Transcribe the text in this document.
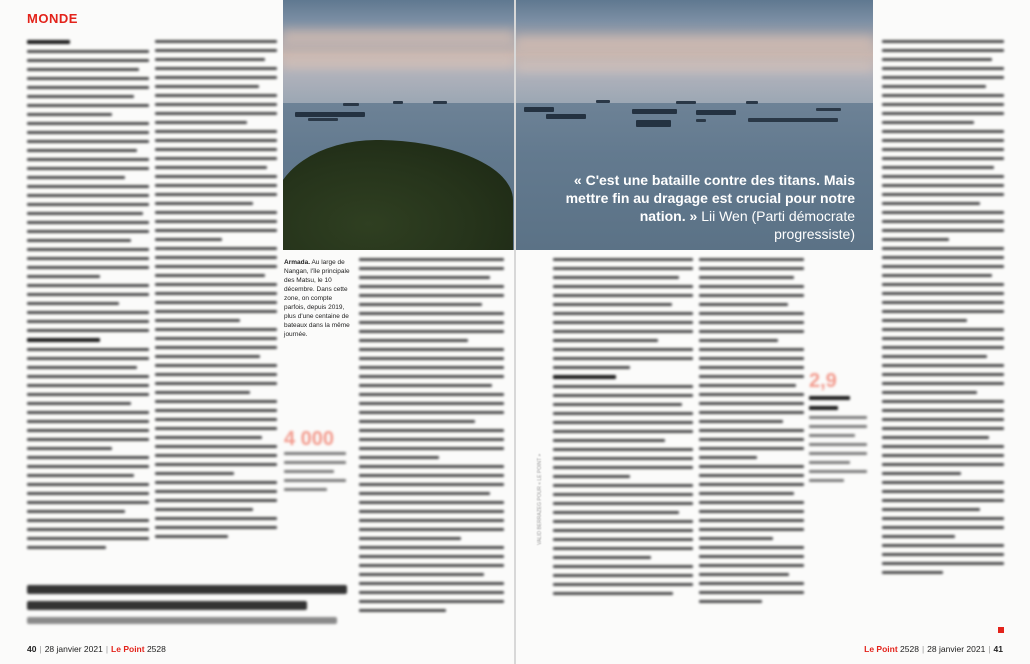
MONDE
Armada. Au large de Nangan, l'île principale des Matsu, le 10 décembre. Dans cette zone, on compte parfois, depuis 2019, plus d'une centaine de bateaux dans la même journée.
4 000
40 | 28 janvier 2021 | Le Point 2528
« C'est une bataille contre des titans. Mais mettre fin au dragage est crucial pour notre nation. » Lii Wen (Parti démocrate progressiste)
VALID BERRAZEG POUR « LE POINT »
2,9
Le Point 2528 | 28 janvier 2021 | 41
